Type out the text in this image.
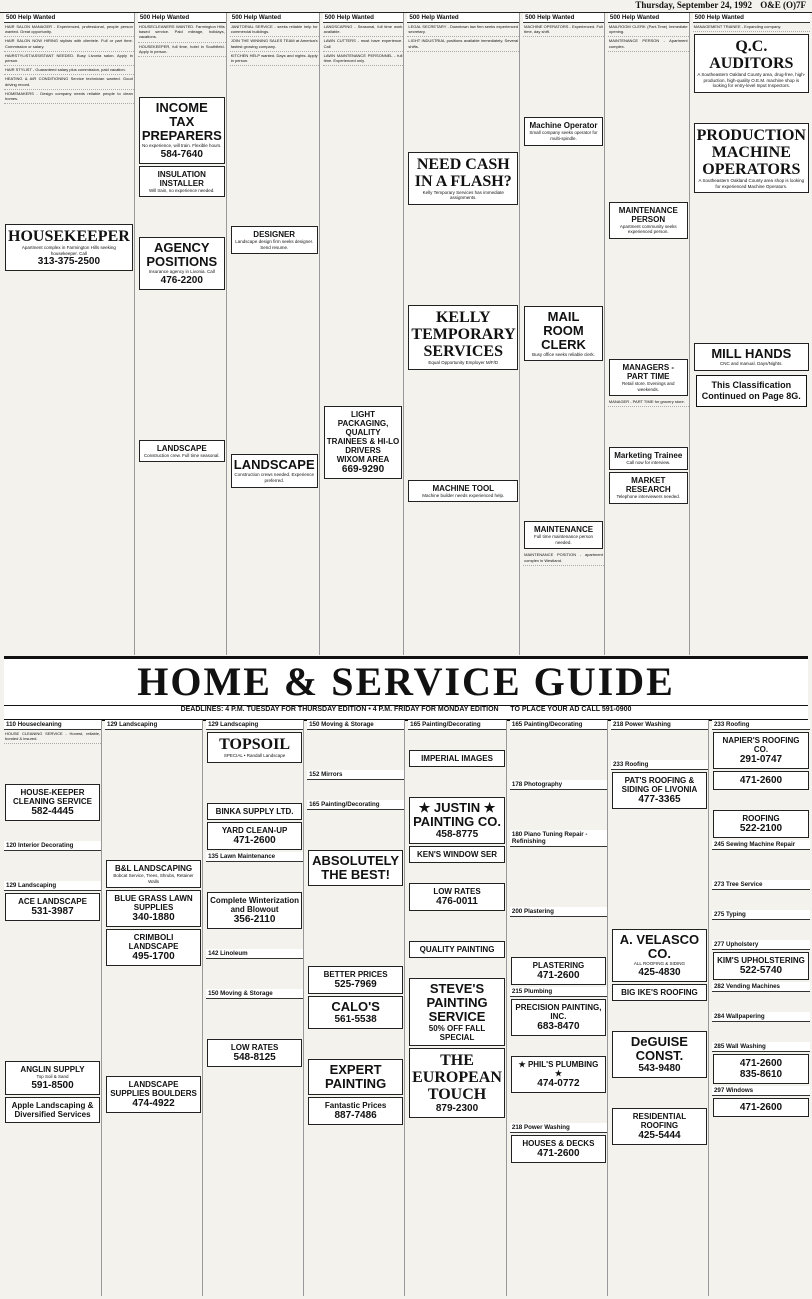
Thursday, September 24, 1992 O&E (O)7F
500 Help Wanted
HAIR SALON MANAGER - Experienced, professional, people person wanted. Great opportunity.
HAIR SALON NOW HIRING stylists with clientele. Full or part time. Commission or salary.
HAIRSTYLIST/ASSISTANT NEEDED. Busy Livonia salon. Apply in person.
HAIR STYLIST - Guaranteed salary plus commission, paid vacation.
HEATING & AIR CONDITIONING Service technician wanted. Good driving record.
HOMEMAKERS - Design company needs reliable people to clean homes.
HOUSEKEEPER
Apartment complex in Farmington Hills seeking housekeeper. Call
313-375-2500
500 Help Wanted
HOUSECLEANERS WANTED. Farmington Hills based service. Paid mileage, holidays, vacations.
HOUSEKEEPER, full time, hotel in Southfield. Apply in person.
INCOME TAX PREPARERS
No experience, will train. Flexible hours.
584-7640
INSULATION INSTALLER
Will train, no experience needed.
AGENCY POSITIONS
Insurance agency in Livonia. Call
476-2200
LANDSCAPE
Construction crew. Full time seasonal.
500 Help Wanted
JANITORIAL SERVICE - seeks reliable help for commercial buildings.
JOIN THE WINNING SALES TEAM at America's fastest growing company.
KITCHEN HELP wanted. Days and nights. Apply in person.
DESIGNER
Landscape design firm seeks designer. Send resume.
LANDSCAPE
Construction crews needed. Experience preferred.
500 Help Wanted
LANDSCAPING - Seasonal, full time work available.
LAWN CUTTERS - must have experience. Call
LAWN MAINTENANCE PERSONNEL - full time. Experienced only.
LIGHT PACKAGING, QUALITY TRAINEES & HI-LO DRIVERS
WIXOM AREA
669-9290
500 Help Wanted
LEGAL SECRETARY - Downtown law firm seeks experienced secretary.
LIGHT INDUSTRIAL positions available immediately. Several shifts.
NEED CASH IN A FLASH?
Kelly Temporary Services has immediate assignments.
KELLY TEMPORARY SERVICES
Equal Opportunity Employer M/F/D
MACHINE TOOL
Machine builder needs experienced help.
500 Help Wanted
MACHINE OPERATORS - Experienced. Full time, day shift.
Machine Operator
Small company seeks operator for multi-spindle.
MAIL ROOM CLERK
Busy office seeks reliable clerk.
MAINTENANCE
Full time maintenance person needed.
MAINTENANCE POSITION - apartment complex in Westland.
500 Help Wanted
MAILROOM CLERK (Part-Time) Immediate opening.
MAINTENANCE PERSON - Apartment complex.
MAINTENANCE PERSON
Apartment community seeks experienced person.
MANAGERS - PART TIME
Retail store. Evenings and weekends.
MANAGER - PART TIME for grocery store.
Marketing Trainee
Call now for interview.
MARKET RESEARCH
Telephone interviewers needed.
500 Help Wanted
MANAGEMENT TRAINEE - Expanding company.
Q.C. AUDITORS
A Southeastern Oakland County area, drug-free, high-production, high-quality O.E.M. machine shop is looking for entry-level Input Inspectors.
PRODUCTION MACHINE OPERATORS
A Southeastern Oakland County area shop is looking for experienced Machine Operators.
MILL HANDS
CNC and manual. Days/Nights.
This Classification Continued on Page 8G.
HOME & SERVICE GUIDE
DEADLINES: 4 P.M. TUESDAY FOR THURSDAY EDITION • 4 P.M. FRIDAY FOR MONDAY EDITION TO PLACE YOUR AD CALL 591-0900
110 Housecleaning
HOUSE CLEANING SERVICE - Honest, reliable, bonded & insured.
HOUSE-KEEPER CLEANING SERVICE
582-4445
120 Interior Decorating
129 Landscaping
ACE LANDSCAPE
531-3987
ANGLIN SUPPLY
Top Soil & Sand
591-8500
Apple Landscaping & Diversified Services
129 Landscaping
B&L LANDSCAPING
Bobcat Service, Trees, Shrubs, Retainer Walls
BLUE GRASS LAWN SUPPLIES
340-1880
CRIMBOLI LANDSCAPE
495-1700
LANDSCAPE SUPPLIES BOULDERS
474-4922
129 Landscaping
TOPSOIL
SPECIAL • Randall Landscape
BINKA SUPPLY LTD.
YARD CLEAN-UP
471-2600
135 Lawn Maintenance
Complete Winterization and Blowout
356-2110
142 Linoleum
150 Moving & Storage
LOW RATES
548-8125
150 Moving & Storage
152 Mirrors
165 Painting/Decorating
ABSOLUTELY THE BEST!
BETTER PRICES
525-7969
CALO'S
561-5538
EXPERT PAINTING
Fantastic Prices
887-7486
165 Painting/Decorating
IMPERIAL IMAGES
★ JUSTIN ★ PAINTING CO.
458-8775
KEN'S WINDOW SER
LOW RATES
476-0011
QUALITY PAINTING
STEVE'S PAINTING SERVICE
50% OFF FALL SPECIAL
THE EUROPEAN TOUCH
879-2300
165 Painting/Decorating
178 Photography
180 Piano Tuning Repair - Refinishing
200 Plastering
PLASTERING
471-2600
215 Plumbing
PRECISION PAINTING, INC.
683-8470
★ PHIL'S PLUMBING ★
474-0772
218 Power Washing
HOUSES & DECKS
471-2600
218 Power Washing
233 Roofing
PAT'S ROOFING & SIDING OF LIVONIA
477-3365
A. VELASCO CO.
ALL ROOFING & SIDING
425-4830
BIG IKE'S ROOFING
DeGUISE CONST.
543-9480
RESIDENTIAL ROOFING
425-5444
233 Roofing
NAPIER'S ROOFING CO.
291-0747
471-2600
ROOFING
522-2100
245 Sewing Machine Repair
273 Tree Service
275 Typing
277 Upholstery
KIM'S UPHOLSTERING
522-5740
282 Vending Machines
284 Wallpapering
285 Wall Washing
471-2600
835-8610
297 Windows
471-2600
